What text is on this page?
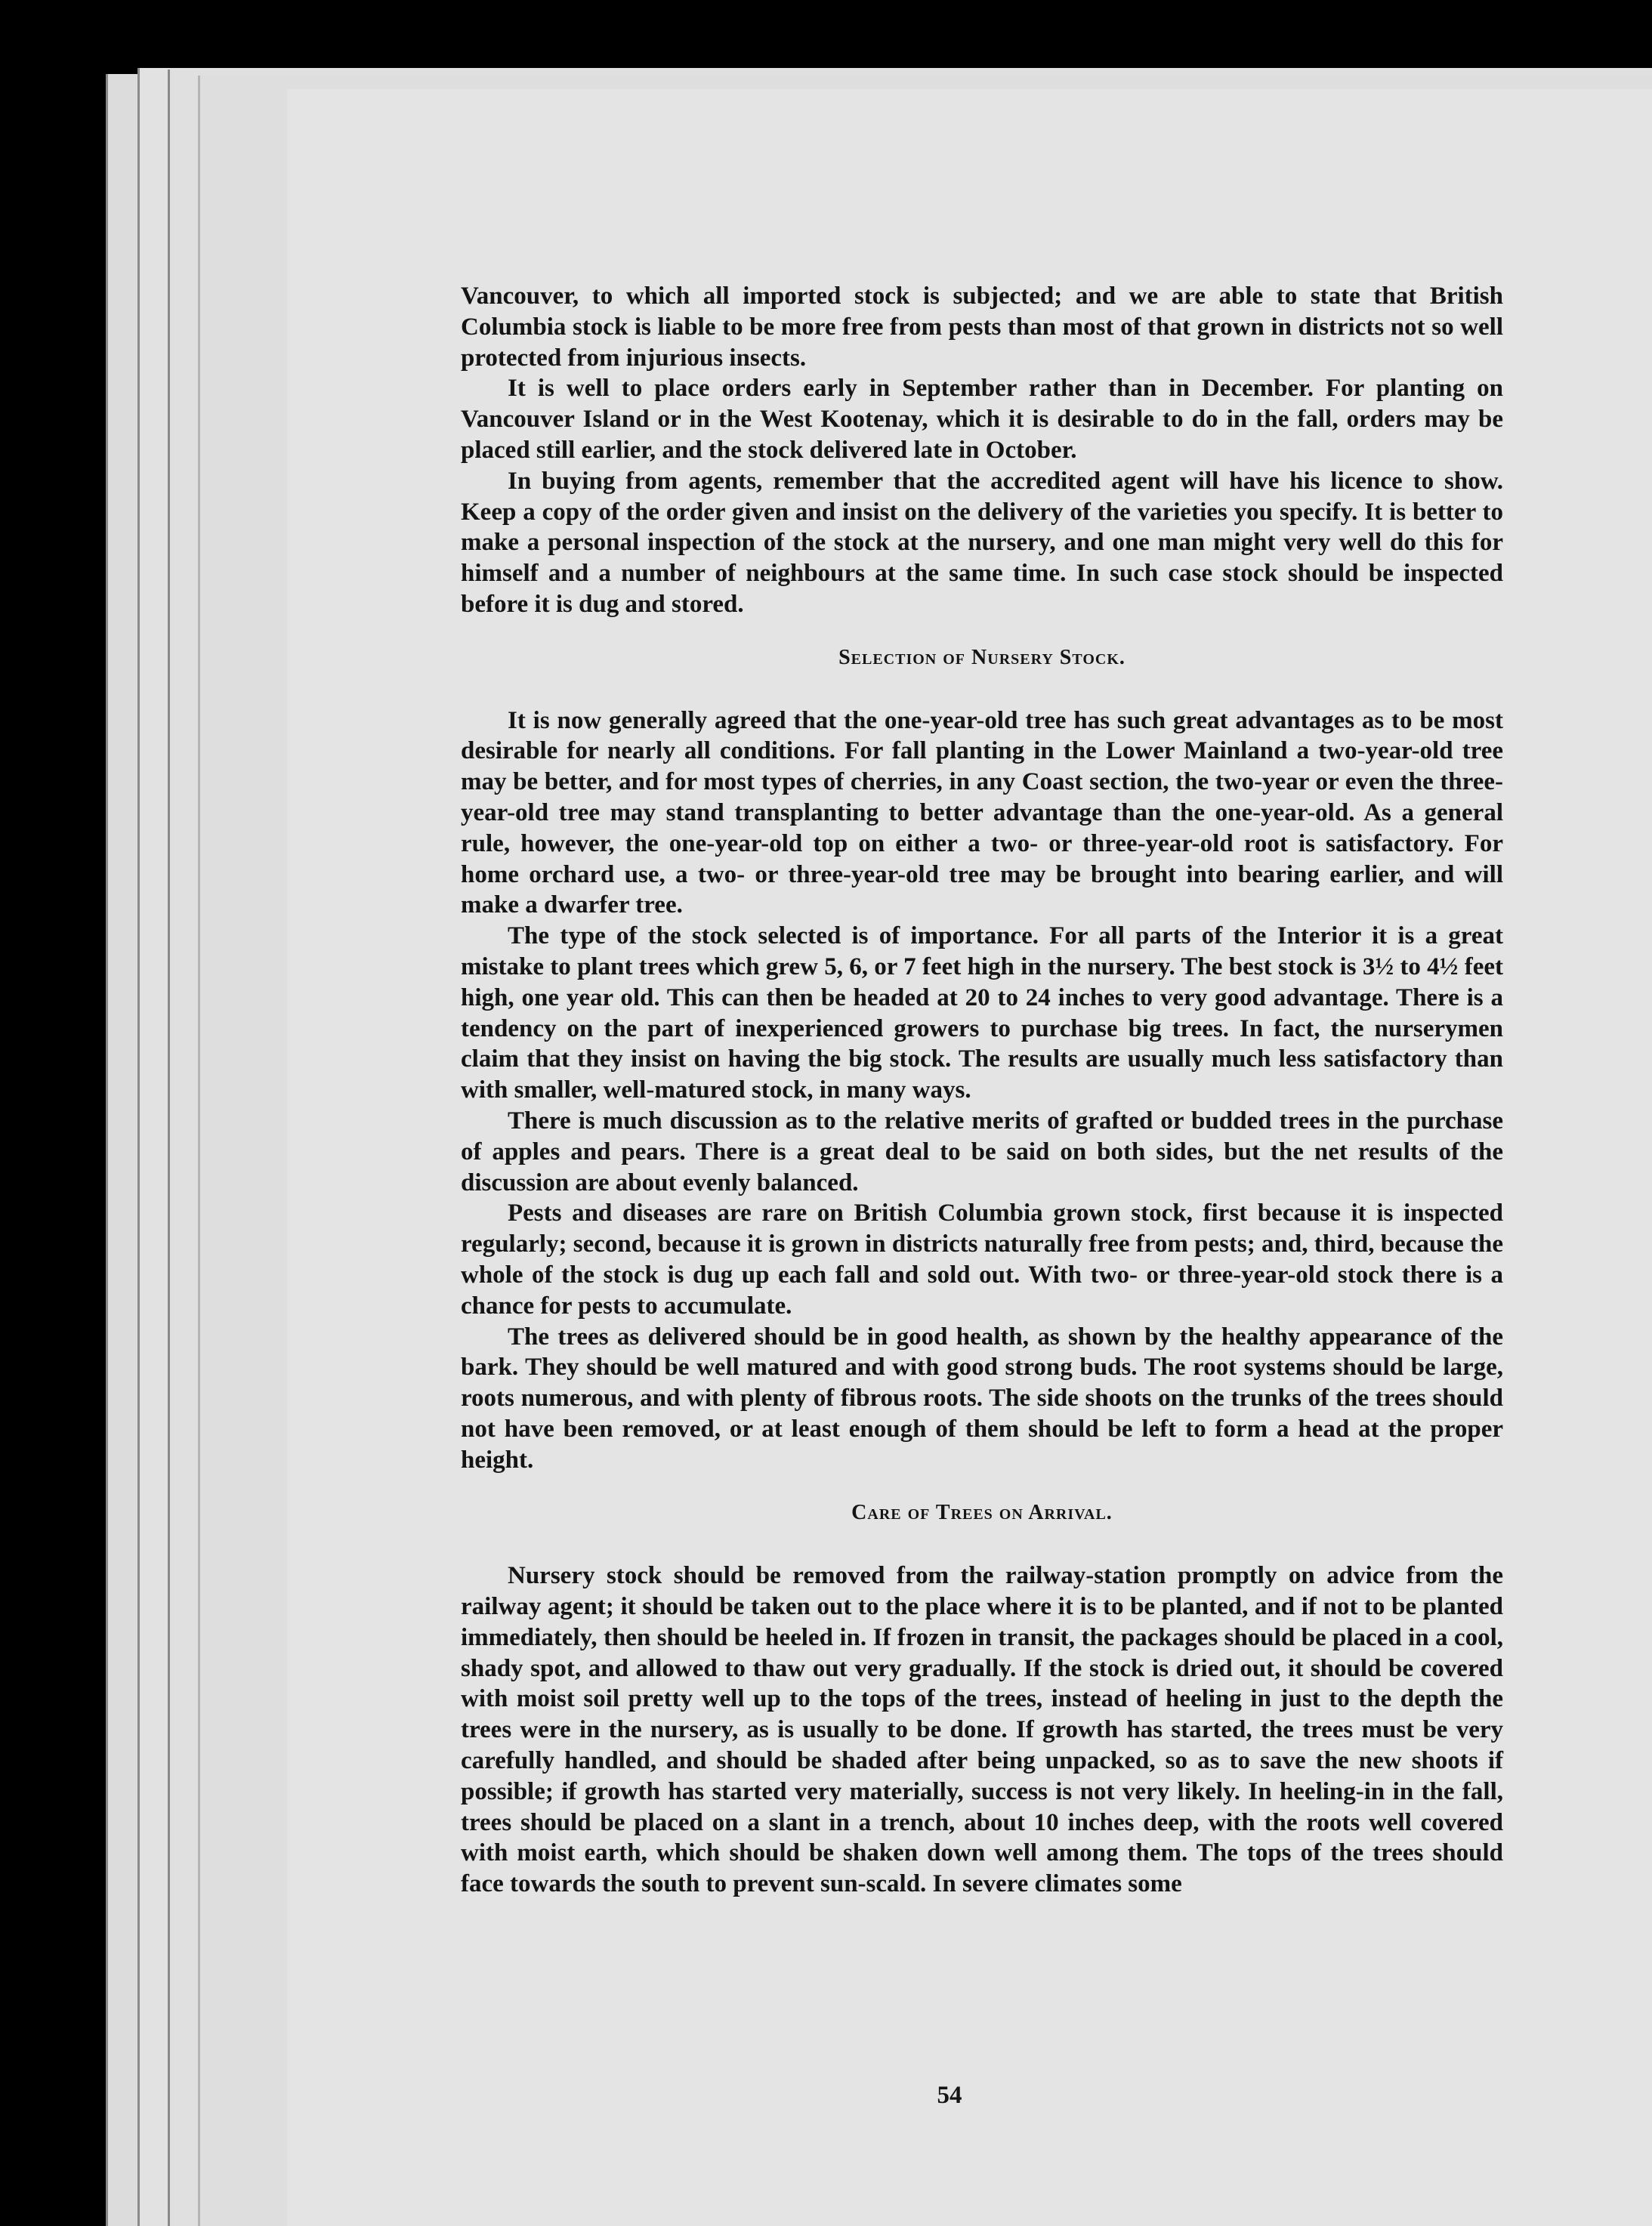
Vancouver, to which all imported stock is subjected; and we are able to state that British Columbia stock is liable to be more free from pests than most of that grown in districts not so well protected from injurious insects.

It is well to place orders early in September rather than in December. For planting on Vancouver Island or in the West Kootenay, which it is desirable to do in the fall, orders may be placed still earlier, and the stock delivered late in October.

In buying from agents, remember that the accredited agent will have his licence to show. Keep a copy of the order given and insist on the delivery of the varieties you specify. It is better to make a personal inspection of the stock at the nursery, and one man might very well do this for himself and a number of neighbours at the same time. In such case stock should be inspected before it is dug and stored.

Selection of Nursery Stock.

It is now generally agreed that the one-year-old tree has such great advantages as to be most desirable for nearly all conditions. For fall planting in the Lower Mainland a two-year-old tree may be better, and for most types of cherries, in any Coast section, the two-year or even the three-year-old tree may stand transplanting to better advantage than the one-year-old. As a general rule, however, the one-year-old top on either a two- or three-year-old root is satisfactory. For home orchard use, a two- or three-year-old tree may be brought into bearing earlier, and will make a dwarfer tree.

The type of the stock selected is of importance. For all parts of the Interior it is a great mistake to plant trees which grew 5, 6, or 7 feet high in the nursery. The best stock is 3½ to 4½ feet high, one year old. This can then be headed at 20 to 24 inches to very good advantage. There is a tendency on the part of inexperienced growers to purchase big trees. In fact, the nurserymen claim that they insist on having the big stock. The results are usually much less satisfactory than with smaller, well-matured stock, in many ways.

There is much discussion as to the relative merits of grafted or budded trees in the purchase of apples and pears. There is a great deal to be said on both sides, but the net results of the discussion are about evenly balanced.

Pests and diseases are rare on British Columbia grown stock, first because it is inspected regularly; second, because it is grown in districts naturally free from pests; and, third, because the whole of the stock is dug up each fall and sold out. With two- or three-year-old stock there is a chance for pests to accumulate.

The trees as delivered should be in good health, as shown by the healthy appearance of the bark. They should be well matured and with good strong buds. The root systems should be large, roots numerous, and with plenty of fibrous roots. The side shoots on the trunks of the trees should not have been removed, or at least enough of them should be left to form a head at the proper height.

Care of Trees on Arrival.

Nursery stock should be removed from the railway-station promptly on advice from the railway agent; it should be taken out to the place where it is to be planted, and if not to be planted immediately, then should be heeled in. If frozen in transit, the packages should be placed in a cool, shady spot, and allowed to thaw out very gradually. If the stock is dried out, it should be covered with moist soil pretty well up to the tops of the trees, instead of heeling in just to the depth the trees were in the nursery, as is usually to be done. If growth has started, the trees must be very carefully handled, and should be shaded after being unpacked, so as to save the new shoots if possible; if growth has started very materially, success is not very likely. In heeling-in in the fall, trees should be placed on a slant in a trench, about 10 inches deep, with the roots well covered with moist earth, which should be shaken down well among them. The tops of the trees should face towards the south to prevent sun-scald. In severe climates some

54
